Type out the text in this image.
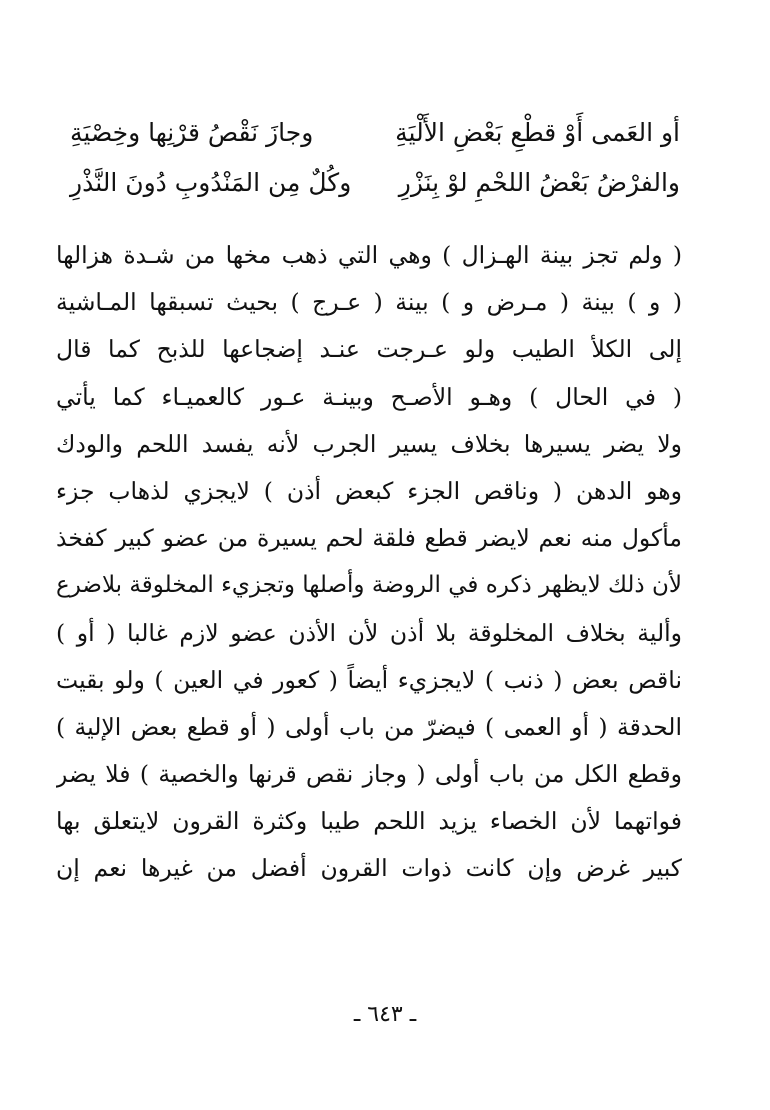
أو العَمى أَوْ قطْعِ بَعْضِ الأَلْيَةِ
وجازَ نَقْصُ قرْنِها وخِصْيَةِ
والفرْضُ بَعْضُ اللحْمِ لوْ بِنَزْرِ
وكُلٌ مِن المَنْدُوبِ دُونَ النَّذْرِ
( ولم تجز بينة الهـزال ) وهي التي ذهب مخها من شـدة هزالها
( و ) بينة ( مـرض و ) بينة ( عـرج ) بحيث تسبقها المـاشية
إلى الكلأ الطيب ولو عـرجت عنـد إضجاعها للذبح كما قال
( في الحال ) وهـو الأصـح وبينـة عـور كالعميـاء كما يأتي
ولا يضر يسيرها بخلاف يسير الجرب لأنه يفسد اللحم والودك
وهو الدهن ( وناقص الجزء كبعض أذن ) لايجزي لذهاب جزء
مأكول منه نعم لايضر قطع فلقة لحم يسيرة من عضو كبير كفخذ
لأن ذلك لايظهر ذكره في الروضة وأصلها وتجزيء المخلوقة بلاضرع
وألية بخلاف المخلوقة بلا أذن لأن الأذن عضو لازم غالبا ( أو )
ناقص بعض ( ذنب ) لايجزيء أيضاً ( كعور في العين ) ولو بقيت
الحدقة ( أو العمى ) فيضرّ من باب أولى ( أو قطع بعض الإلية )
وقطع الكل من باب أولى ( وجاز نقص قرنها والخصية ) فلا يضر
فواتهما لأن الخصاء يزيد اللحم طيبا وكثرة القرون لايتعلق بها
كبير غرض وإن كانت ذوات القرون أفضل من غيرها نعم إن
ـ ٦٤٣ ـ
